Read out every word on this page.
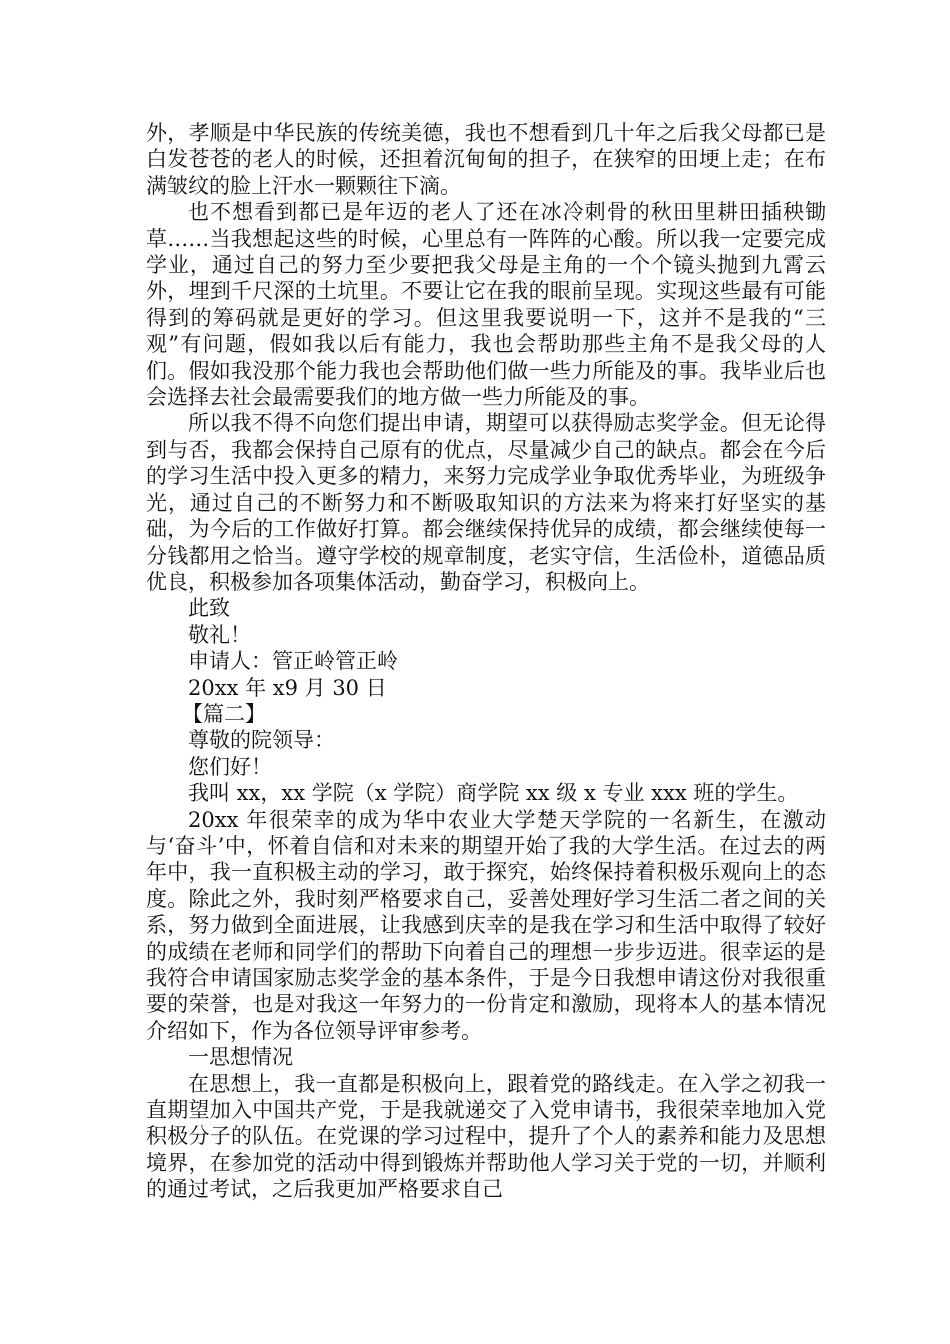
外，孝顺是中华民族的传统美德，我也不想看到几十年之后我父母都已是白发苍苍的老人的时候，还担着沉甸甸的担子，在狭窄的田埂上走；在布满皱纹的脸上汗水一颗颗往下滴。

也不想看到都已是年迈的老人了还在冰冷刺骨的秋田里耕田插秧锄草……当我想起这些的时候，心里总有一阵阵的心酸。所以我一定要完成学业，通过自己的努力至少要把我父母是主角的一个个镜头抛到九霄云外，埋到千尺深的土坑里。不要让它在我的眼前呈现。实现这些最有可能得到的筹码就是更好的学习。但这里我要说明一下，这并不是我的“三观”有问题，假如我以后有能力，我也会帮助那些主角不是我父母的人们。假如我没那个能力我也会帮助他们做一些力所能及的事。我毕业后也会选择去社会最需要我们的地方做一些力所能及的事。

所以我不得不向您们提出申请，期望可以获得励志奖学金。但无论得到与否，我都会保持自己原有的优点，尽量减少自己的缺点。都会在今后的学习生活中投入更多的精力，来努力完成学业争取优秀毕业，为班级争光，通过自己的不断努力和不断吸取知识的方法来为将来打好坚实的基础，为今后的工作做好打算。都会继续保持优异的成绩，都会继续使每一分钱都用之恰当。遵守学校的规章制度，老实守信，生活俭朴，道德品质优良，积极参加各项集体活动，勤奋学习，积极向上。

此致

敬礼！

申请人：管正岭管正岭

20xx 年 x9 月 30 日

【篇二】

尊敬的院领导：

您们好！

我叫 xx，xx 学院（x 学院）商学院 xx 级 x 专业 xxx 班的学生。

20xx 年很荣幸的成为华中农业大学楚天学院的一名新生，在激动与‘奋斗’中，怀着自信和对未来的期望开始了我的大学生活。在过去的两年中，我一直积极主动的学习，敢于探究，始终保持着积极乐观向上的态度。除此之外，我时刻严格要求自己，妥善处理好学习生活二者之间的关系，努力做到全面进展，让我感到庆幸的是我在学习和生活中取得了较好的成绩在老师和同学们的帮助下向着自己的理想一步步迈进。很幸运的是我符合申请国家励志奖学金的基本条件，于是今日我想申请这份对我很重要的荣誉，也是对我这一年努力的一份肯定和激励，现将本人的基本情况介绍如下，作为各位领导评审参考。

一思想情况

在思想上，我一直都是积极向上，跟着党的路线走。在入学之初我一直期望加入中国共产党，于是我就递交了入党申请书，我很荣幸地加入党积极分子的队伍。在党课的学习过程中，提升了个人的素养和能力及思想境界，在参加党的活动中得到锻炼并帮助他人学习关于党的一切，并顺利的通过考试，之后我更加严格要求自己
